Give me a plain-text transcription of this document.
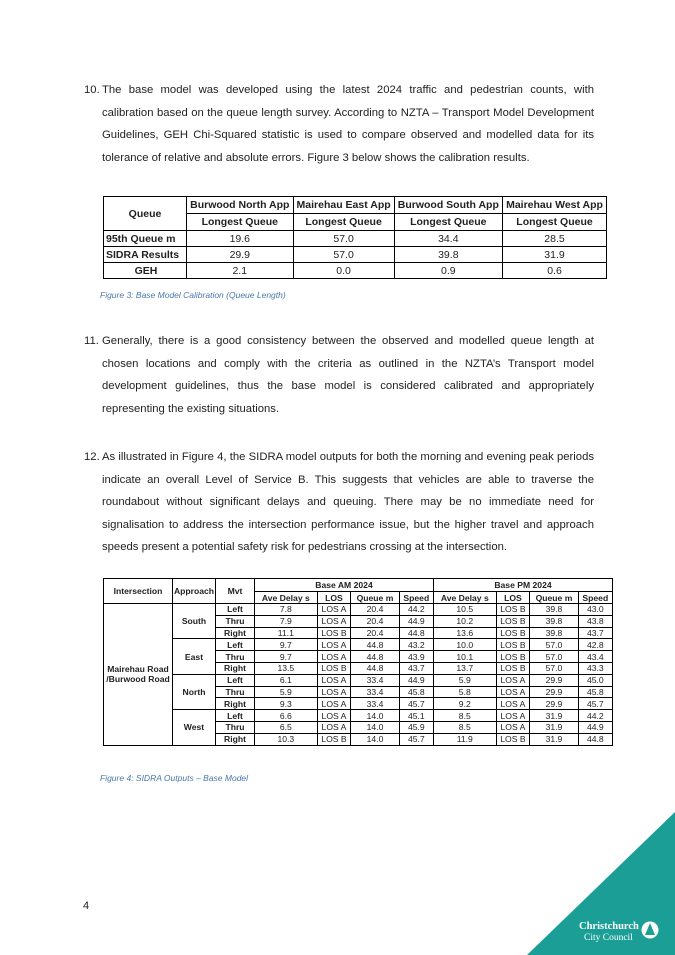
10. The base model was developed using the latest 2024 traffic and pedestrian counts, with calibration based on the queue length survey. According to NZTA – Transport Model Development Guidelines, GEH Chi-Squared statistic is used to compare observed and modelled data for its tolerance of relative and absolute errors. Figure 3 below shows the calibration results.
Queue	Burwood North App	Mairehau East App	Burwood South App	Mairehau West App
	Longest Queue	Longest Queue	Longest Queue	Longest Queue
95th Queue m	19.6	57.0	34.4	28.5
SIDRA Results	29.9	57.0	39.8	31.9
GEH	2.1	0.0	0.9	0.6
Figure 3: Base Model Calibration (Queue Length)
11. Generally, there is a good consistency between the observed and modelled queue length at chosen locations and comply with the criteria as outlined in the NZTA’s Transport model development guidelines, thus the base model is considered calibrated and appropriately representing the existing situations.
12. As illustrated in Figure 4, the SIDRA model outputs for both the morning and evening peak periods indicate an overall Level of Service B. This suggests that vehicles are able to traverse the roundabout without significant delays and queuing. There may be no immediate need for signalisation to address the intersection performance issue, but the higher travel and approach speeds present a potential safety risk for pedestrians crossing at the intersection.
Intersection	Approach	Mvt	Base AM 2024				Base PM 2024			
			Ave Delay s	LOS	Queue m	Speed	Ave Delay s	LOS	Queue m	Speed
Mairehau Road /Burwood Road	South	Left	7.8	LOS A	20.4	44.2	10.5	LOS B	39.8	43.0
		Thru	7.9	LOS A	20.4	44.9	10.2	LOS B	39.8	43.8
		Right	11.1	LOS B	20.4	44.8	13.6	LOS B	39.8	43.7
	East	Left	9.7	LOS A	44.8	43.2	10.0	LOS B	57.0	42.8
		Thru	9.7	LOS A	44.8	43.9	10.1	LOS B	57.0	43.4
		Right	13.5	LOS B	44.8	43.7	13.7	LOS B	57.0	43.3
	North	Left	6.1	LOS A	33.4	44.9	5.9	LOS A	29.9	45.0
		Thru	5.9	LOS A	33.4	45.8	5.8	LOS A	29.9	45.8
		Right	9.3	LOS A	33.4	45.7	9.2	LOS A	29.9	45.7
	West	Left	6.6	LOS A	14.0	45.1	8.5	LOS A	31.9	44.2
		Thru	6.5	LOS A	14.0	45.9	8.5	LOS A	31.9	44.9
		Right	10.3	LOS B	14.0	45.7	11.9	LOS B	31.9	44.8
Figure 4: SIDRA Outputs – Base Model
4
Christchurch
City Council
